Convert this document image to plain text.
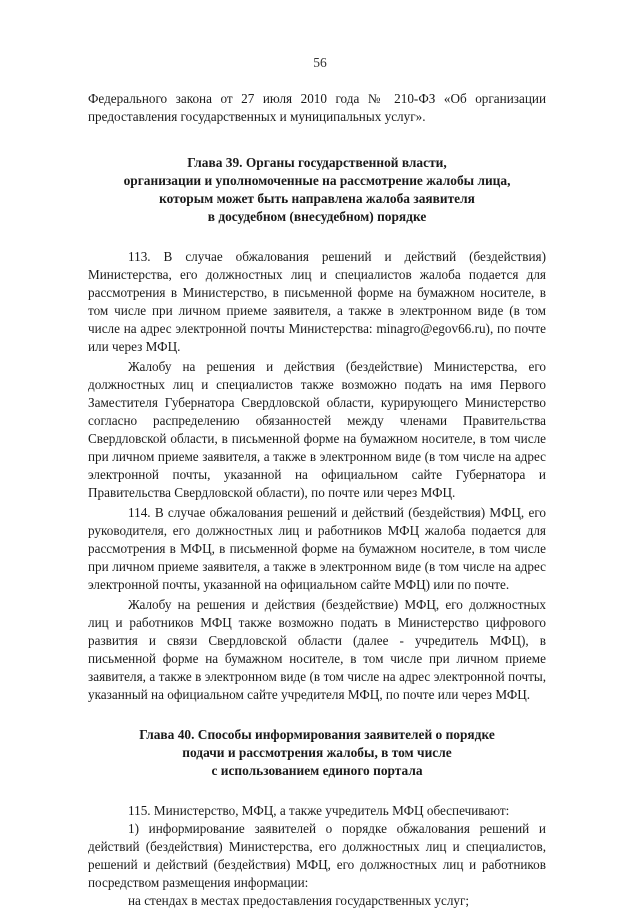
56

Федерального закона от 27 июля 2010 года № 210-ФЗ «Об организации предоставления государственных и муниципальных услуг».

Глава 39. Органы государственной власти,

организации и уполномоченные на рассмотрение жалобы лица,

которым может быть направлена жалоба заявителя

в досудебном (внесудебном) порядке

113. В случае обжалования решений и действий (бездействия) Министерства, его должностных лиц и специалистов жалоба подается для рассмотрения в Министерство, в письменной форме на бумажном носителе, в том числе при личном приеме заявителя, а также в электронном виде (в том числе на адрес электронной почты Министерства: minagro@egov66.ru), по почте или через МФЦ.

Жалобу на решения и действия (бездействие) Министерства, его должностных лиц и специалистов также возможно подать на имя Первого Заместителя Губернатора Свердловской области, курирующего Министерство согласно распределению обязанностей между членами Правительства Свердловской области, в письменной форме на бумажном носителе, в том числе при личном приеме заявителя, а также в электронном виде (в том числе на адрес электронной почты, указанной на официальном сайте Губернатора и Правительства Свердловской области), по почте или через МФЦ.

114. В случае обжалования решений и действий (бездействия) МФЦ, его руководителя, его должностных лиц и работников МФЦ жалоба подается для рассмотрения в МФЦ, в письменной форме на бумажном носителе, в том числе при личном приеме заявителя, а также в электронном виде (в том числе на адрес электронной почты, указанной на официальном сайте МФЦ) или по почте.

Жалобу на решения и действия (бездействие) МФЦ, его должностных лиц и работников МФЦ также возможно подать в Министерство цифрового развития и связи Свердловской области (далее - учредитель МФЦ), в письменной форме на бумажном носителе, в том числе при личном приеме заявителя, а также в электронном виде (в том числе на адрес электронной почты, указанный на официальном сайте учредителя МФЦ, по почте или через МФЦ.

Глава 40. Способы информирования заявителей о порядке

подачи и рассмотрения жалобы, в том числе

с использованием единого портала

115. Министерство, МФЦ, а также учредитель МФЦ обеспечивают:

1) информирование заявителей о порядке обжалования решений и действий (бездействия) Министерства, его должностных лиц и специалистов, решений и действий (бездействия) МФЦ, его должностных лиц и работников посредством размещения информации:

на стендах в местах предоставления государственных услуг;
